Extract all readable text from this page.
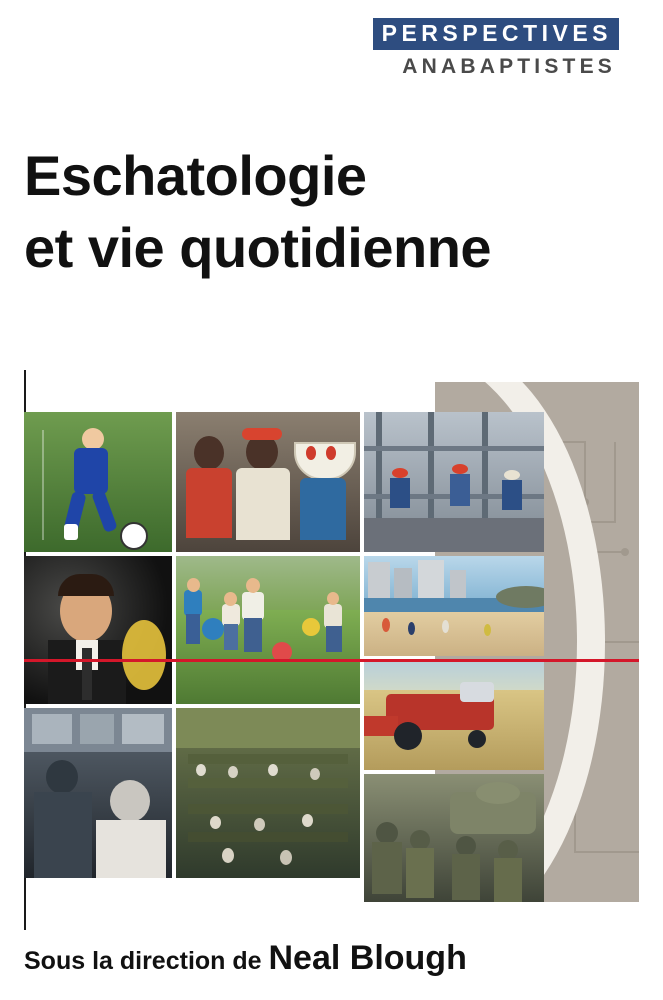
PERSPECTIVES
ANABAPTISTES
Eschatologie
et vie quotidienne
Sous la direction de Neal Blough
